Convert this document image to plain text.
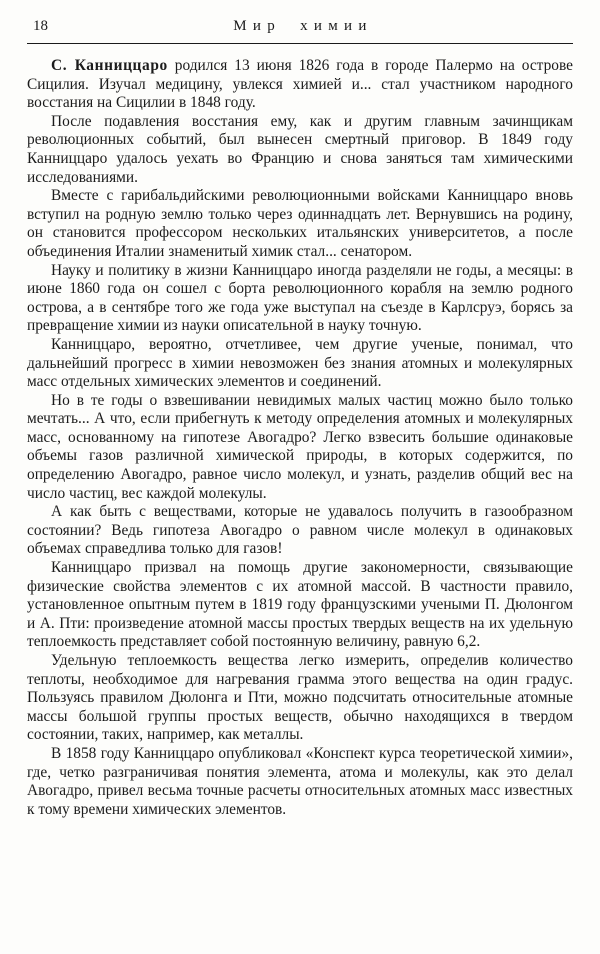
18	Мир химии

С. Канниццаро родился 13 июня 1826 года в городе Палермо на острове Сицилия. Изучал медицину, увлекся химией и... стал участником народного восстания на Сицилии в 1848 году.

После подавления восстания ему, как и другим главным зачинщикам революционных событий, был вынесен смертный приговор. В 1849 году Канниццаро удалось уехать во Францию и снова заняться там химическими исследованиями.

Вместе с гарибальдийскими революционными войсками Канниццаро вновь вступил на родную землю только через одиннадцать лет. Вернувшись на родину, он становится профессором нескольких итальянских университетов, а после объединения Италии знаменитый химик стал... сенатором.

Науку и политику в жизни Канниццаро иногда разделяли не годы, а месяцы: в июне 1860 года он сошел с борта революционного корабля на землю родного острова, а в сентябре того же года уже выступал на съезде в Карлсруэ, борясь за превращение химии из науки описательной в науку точную.

Канниццаро, вероятно, отчетливее, чем другие ученые, понимал, что дальнейший прогресс в химии невозможен без знания атомных и молекулярных масс отдельных химических элементов и соединений.

Но в те годы о взвешивании невидимых малых частиц можно было только мечтать... А что, если прибегнуть к методу определения атомных и молекулярных масс, основанному на гипотезе Авогадро? Легко взвесить большие одинаковые объемы газов различной химической природы, в которых содержится, по определению Авогадро, равное число молекул, и узнать, разделив общий вес на число частиц, вес каждой молекулы.

А как быть с веществами, которые не удавалось получить в газообразном состоянии? Ведь гипотеза Авогадро о равном числе молекул в одинаковых объемах справедлива только для газов!

Канниццаро призвал на помощь другие закономерности, связывающие физические свойства элементов с их атомной массой. В частности правило, установленное опытным путем в 1819 году французскими учеными П. Дюлонгом и А. Пти: произведение атомной массы простых твердых веществ на их удельную теплоемкость представляет собой постоянную величину, равную 6,2.

Удельную теплоемкость вещества легко измерить, определив количество теплоты, необходимое для нагревания грамма этого вещества на один градус. Пользуясь правилом Дюлонга и Пти, можно подсчитать относительные атомные массы большой группы простых веществ, обычно находящихся в твердом состоянии, таких, например, как металлы.

В 1858 году Канниццаро опубликовал «Конспект курса теоретической химии», где, четко разграничивая понятия элемента, атома и молекулы, как это делал Авогадро, привел весьма точные расчеты относительных атомных масс известных к тому времени химических элементов.
